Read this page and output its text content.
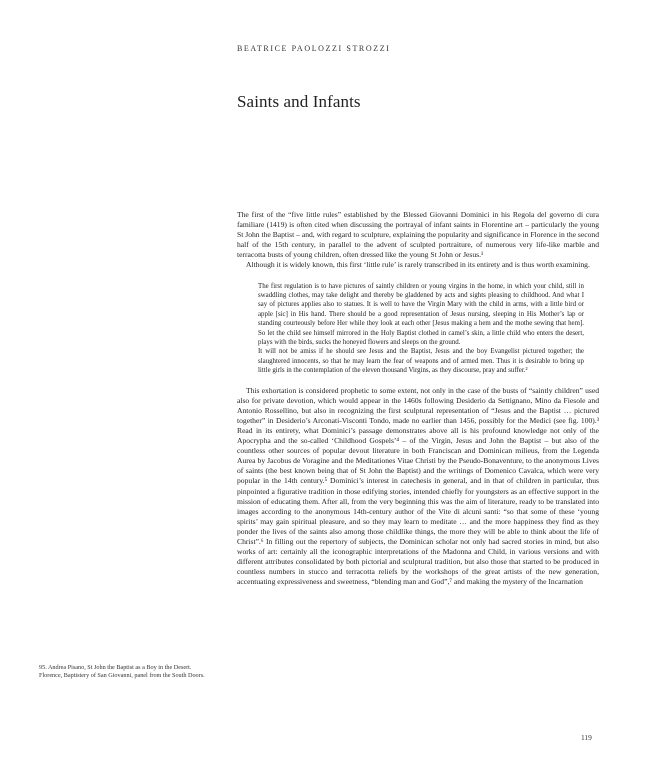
BEATRICE PAOLOZZI STROZZI
Saints and Infants

The first of the “five little rules” established by the Blessed Giovanni Dominici in his Regola del governo di cura familiare (1419) is often cited when discussing the portrayal of infant saints in Florentine art – particularly the young St John the Baptist – and, with regard to sculpture, explaining the popularity and significance in Florence in the second half of the 15th century, in parallel to the advent of sculpted portraiture, of numerous very life-like marble and terracotta busts of young children, often dressed like the young St John or Jesus.¹

Although it is widely known, this first ‘little rule’ is rarely transcribed in its entirety and is thus worth examining.

The first regulation is to have pictures of saintly children or young virgins in the home, in which your child, still in swaddling clothes, may take delight and thereby be gladdened by acts and sights pleasing to childhood. And what I say of pictures applies also to statues. It is well to have the Virgin Mary with the child in arms, with a little bird or apple [sic] in His hand. There should be a good representation of Jesus nursing, sleeping in His Mother’s lap or standing courteously before Her while they look at each other [Jesus making a hem and the mothe sewing that hem]. So let the child see himself mirrored in the Holy Baptist clothed in camel’s skin, a little child who enters the desert, plays with the birds, sucks the honeyed flowers and sleeps on the ground.

It will not be amiss if he should see Jesus and the Baptist, Jesus and the boy Evangelist pictured together; the slaughtered innocents, so that he may learn the fear of weapons and of armed men. Thus it is desirable to bring up little girls in the contemplation of the eleven thousand Virgins, as they discourse, pray and suffer.²

This exhortation is considered prophetic to some extent, not only in the case of the busts of “saintly children” used also for private devotion, which would appear in the 1460s following Desiderio da Settignano, Mino da Fiesole and Antonio Rossellino, but also in recognizing the first sculptural representation of “Jesus and the Baptist … pictured together” in Desiderio’s Arconati-Visconti Tondo, made no earlier than 1456, possibly for the Medici (see fig. 100).³ Read in its entirety, what Dominici’s passage demonstrates above all is his profound knowledge not only of the Apocrypha and the so-called ‘Childhood Gospels’⁴ – of the Virgin, Jesus and John the Baptist – but also of the countless other sources of popular devout literature in both Franciscan and Dominican milieus, from the Legenda Aurea by Jacobus de Voragine and the Meditationes Vitae Christi by the Pseudo-Bonaventure, to the anonymous Lives of saints (the best known being that of St John the Baptist) and the writings of Domenico Cavalca, which were very popular in the 14th century.⁵ Dominici’s interest in catechesis in general, and in that of children in particular, thus pinpointed a figurative tradition in those edifying stories, intended chiefly for youngsters as an effective support in the mission of educating them. After all, from the very beginning this was the aim of literature, ready to be translated into images according to the anonymous 14th-century author of the Vite di alcuni santi: “so that some of these ‘young spirits’ may gain spiritual pleasure, and so they may learn to meditate … and the more happiness they find as they ponder the lives of the saints also among those childlike things, the more they will be able to think about the life of Christ”.⁶ In filling out the repertory of subjects, the Dominican scholar not only had sacred stories in mind, but also works of art: certainly all the iconographic interpretations of the Madonna and Child, in various versions and with different attributes consolidated by both pictorial and sculptural tradition, but also those that started to be produced in countless numbers in stucco and terracotta reliefs by the workshops of the great artists of the new generation, accentuating expressiveness and sweetness, “blending man and God”,⁷ and making the mystery of the Incarnation

95. Andrea Pisano, St John the Baptist as a Boy in the Desert. Florence, Baptistery of San Giovanni, panel from the South Doors.
119
